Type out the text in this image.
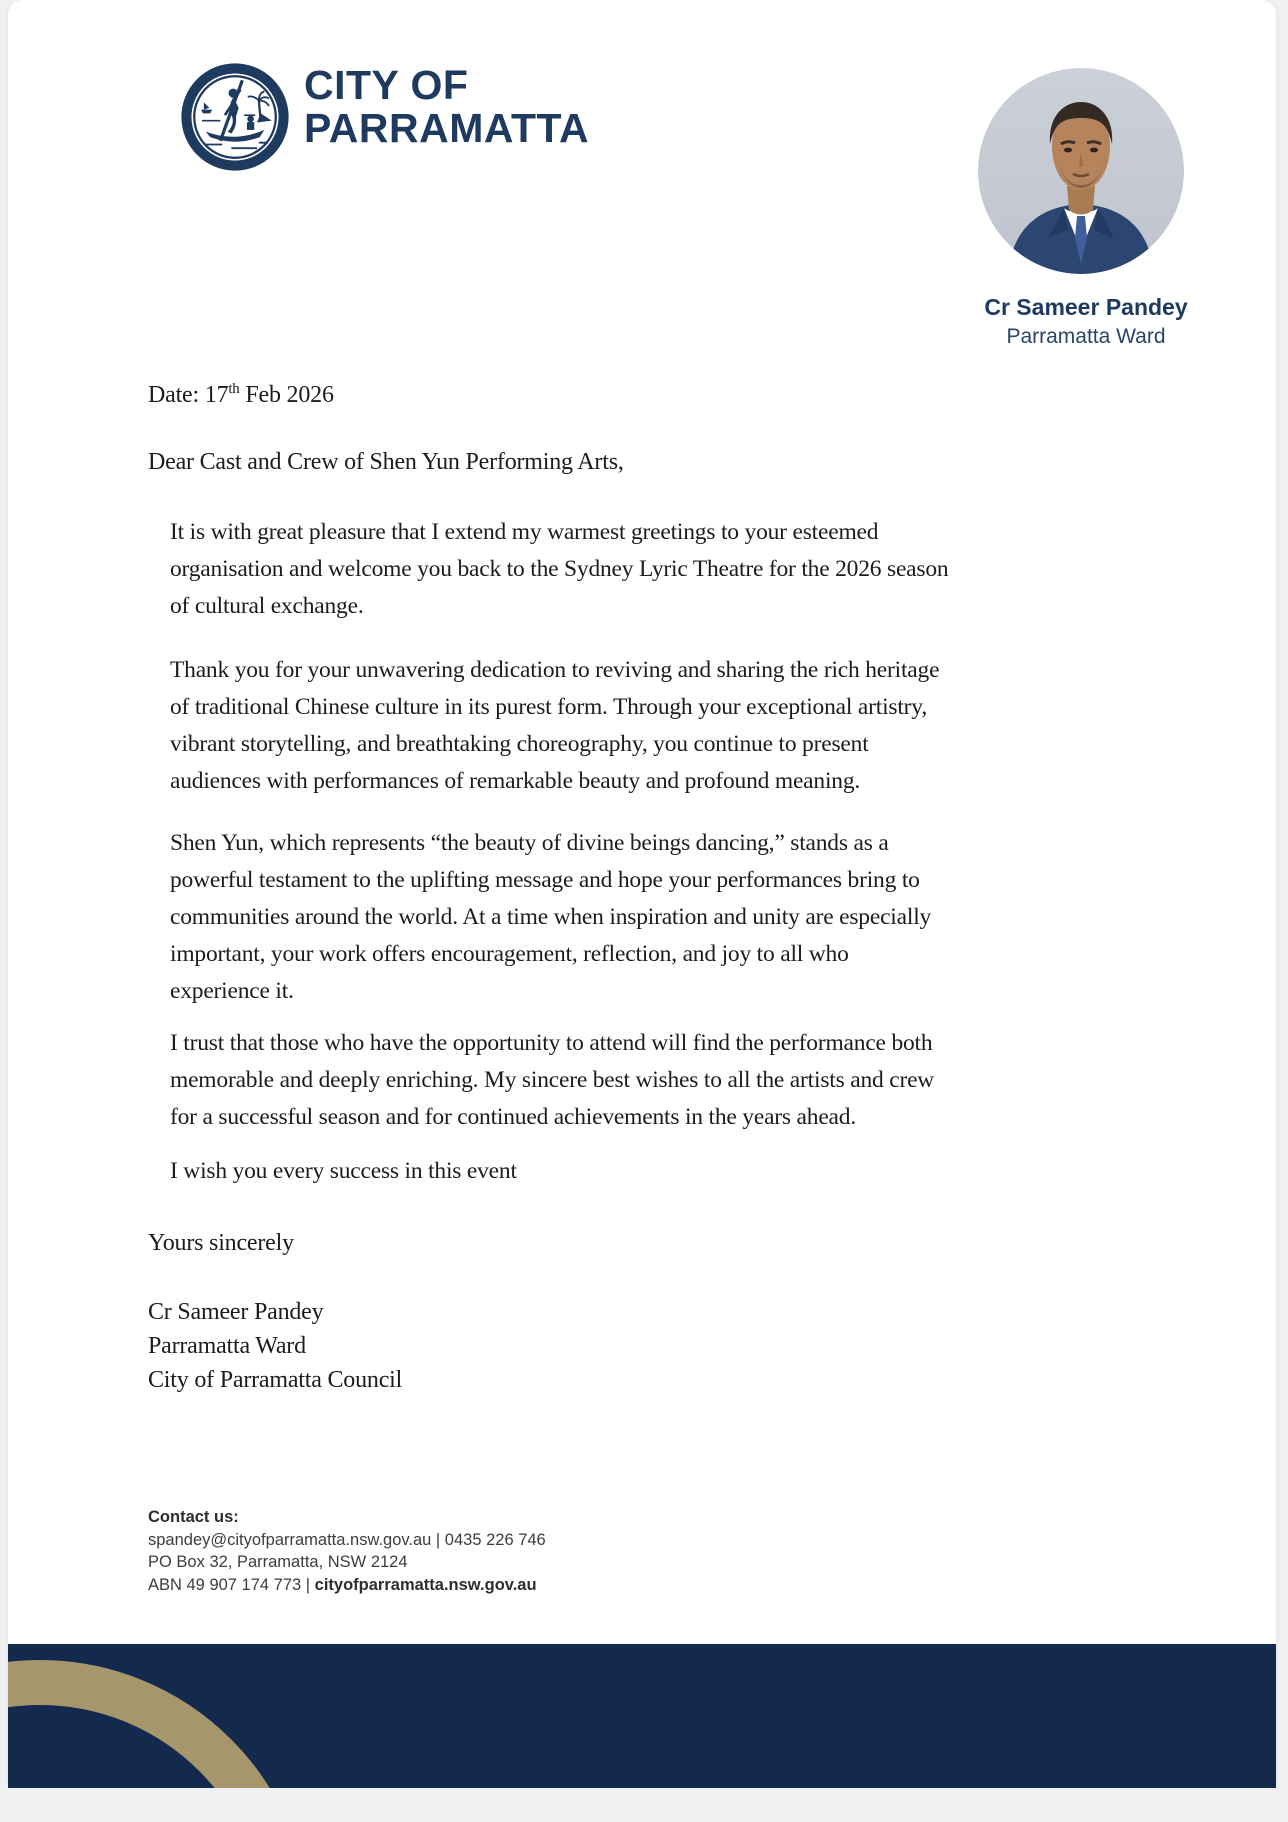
CITY OF
PARRAMATTA
Cr Sameer Pandey
Parramatta Ward
Date: 17th Feb 2026
Dear Cast and Crew of Shen Yun Performing Arts,
It is with great pleasure that I extend my warmest greetings to your esteemed
organisation and welcome you back to the Sydney Lyric Theatre for the 2026 season
of cultural exchange.
Thank you for your unwavering dedication to reviving and sharing the rich heritage
of traditional Chinese culture in its purest form. Through your exceptional artistry,
vibrant storytelling, and breathtaking choreography, you continue to present
audiences with performances of remarkable beauty and profound meaning.
Shen Yun, which represents “the beauty of divine beings dancing,” stands as a
powerful testament to the uplifting message and hope your performances bring to
communities around the world. At a time when inspiration and unity are especially
important, your work offers encouragement, reflection, and joy to all who
experience it.
I trust that those who have the opportunity to attend will find the performance both
memorable and deeply enriching. My sincere best wishes to all the artists and crew
for a successful season and for continued achievements in the years ahead.
I wish you every success in this event
Yours sincerely
Cr Sameer Pandey
Parramatta Ward
City of Parramatta Council
Contact us:
spandey@cityofparramatta.nsw.gov.au | 0435 226 746
PO Box 32, Parramatta, NSW 2124
ABN 49 907 174 773 | cityofparramatta.nsw.gov.au
